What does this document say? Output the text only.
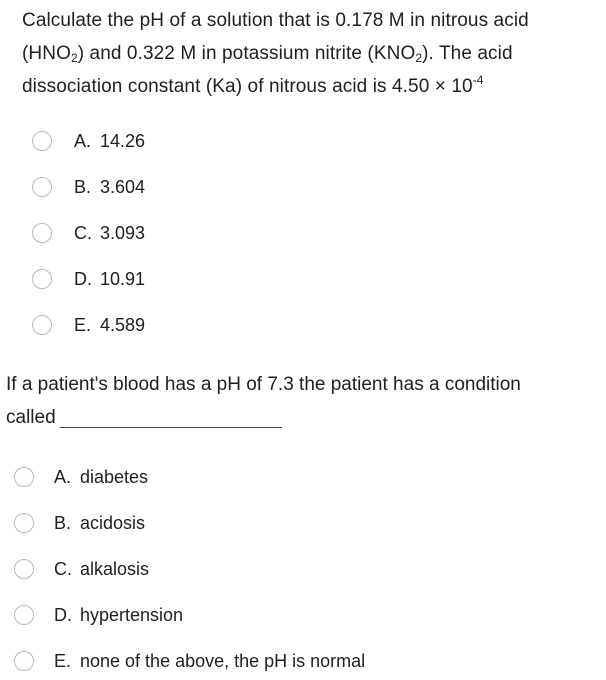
Calculate the pH of a solution that is 0.178 M in nitrous acid
$(HNO_2)$ and 0.322 M in potassium nitrite $(KNO_2)$. The acid
dissociation constant (Ka) of nitrous acid is $4.50 \times 10^{-4}$
A. 14.26
B. 3.604
C. 3.093
D. 10.91
E. 4.589
If a patient's blood has a pH of 7.3 the patient has a condition
called
A. diabetes
B. acidosis
C. alkalosis
D. hypertension
E. none of the above, the pH is normal
